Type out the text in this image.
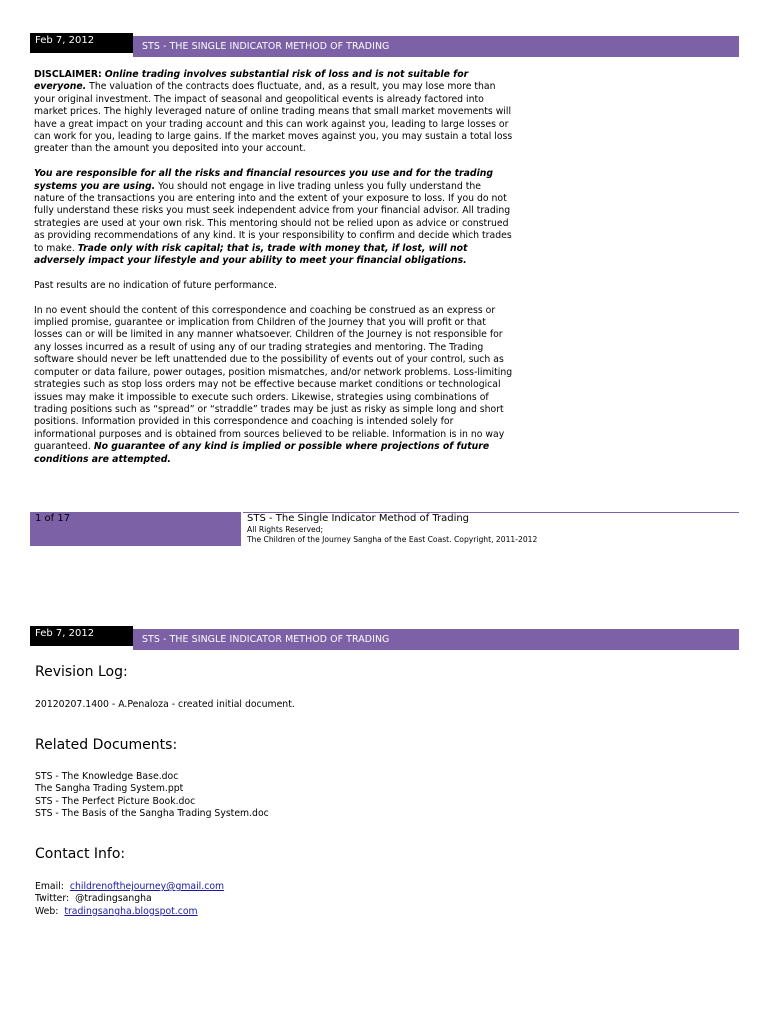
Feb 7, 2012
STS - THE SINGLE INDICATOR METHOD OF TRADING

DISCLAIMER: Online trading involves substantial risk of loss and is not suitable for everyone. The valuation of the contracts does fluctuate, and, as a result, you may lose more than your original investment. The impact of seasonal and geopolitical events is already factored into market prices. The highly leveraged nature of online trading means that small market movements will have a great impact on your trading account and this can work against you, leading to large losses or can work for you, leading to large gains. If the market moves against you, you may sustain a total loss greater than the amount you deposited into your account.

You are responsible for all the risks and financial resources you use and for the trading systems you are using. You should not engage in live trading unless you fully understand the nature of the transactions you are entering into and the extent of your exposure to loss. If you do not fully understand these risks you must seek independent advice from your financial advisor. All trading strategies are used at your own risk. This mentoring should not be relied upon as advice or construed as providing recommendations of any kind. It is your responsibility to confirm and decide which trades to make. Trade only with risk capital; that is, trade with money that, if lost, will not adversely impact your lifestyle and your ability to meet your financial obligations.

Past results are no indication of future performance.

In no event should the content of this correspondence and coaching be construed as an express or implied promise, guarantee or implication from Children of the Journey that you will profit or that losses can or will be limited in any manner whatsoever. Children of the Journey is not responsible for any losses incurred as a result of using any of our trading strategies and mentoring. The Trading software should never be left unattended due to the possibility of events out of your control, such as computer or data failure, power outages, position mismatches, and/or network problems. Loss-limiting strategies such as stop loss orders may not be effective because market conditions or technological issues may make it impossible to execute such orders. Likewise, strategies using combinations of trading positions such as “spread” or “straddle” trades may be just as risky as simple long and short positions. Information provided in this correspondence and coaching is intended solely for informational purposes and is obtained from sources believed to be reliable. Information is in no way guaranteed. No guarantee of any kind is implied or possible where projections of future conditions are attempted.

1 of 17	STS - The Single Indicator Method of Trading
All Rights Reserved;
The Children of the Journey Sangha of the East Coast. Copyright, 2011-2012
Feb 7, 2012
STS - THE SINGLE INDICATOR METHOD OF TRADING
Revision Log:
20120207.1400 - A.Penaloza - created initial document.
Related Documents:
STS - The Knowledge Base.doc
The Sangha Trading System.ppt
STS - The Perfect Picture Book.doc
STS - The Basis of the Sangha Trading System.doc
Contact Info:
Email: childrenofthejourney@gmail.com
Twitter: @tradingsangha
Web: tradingsangha.blogspot.com
